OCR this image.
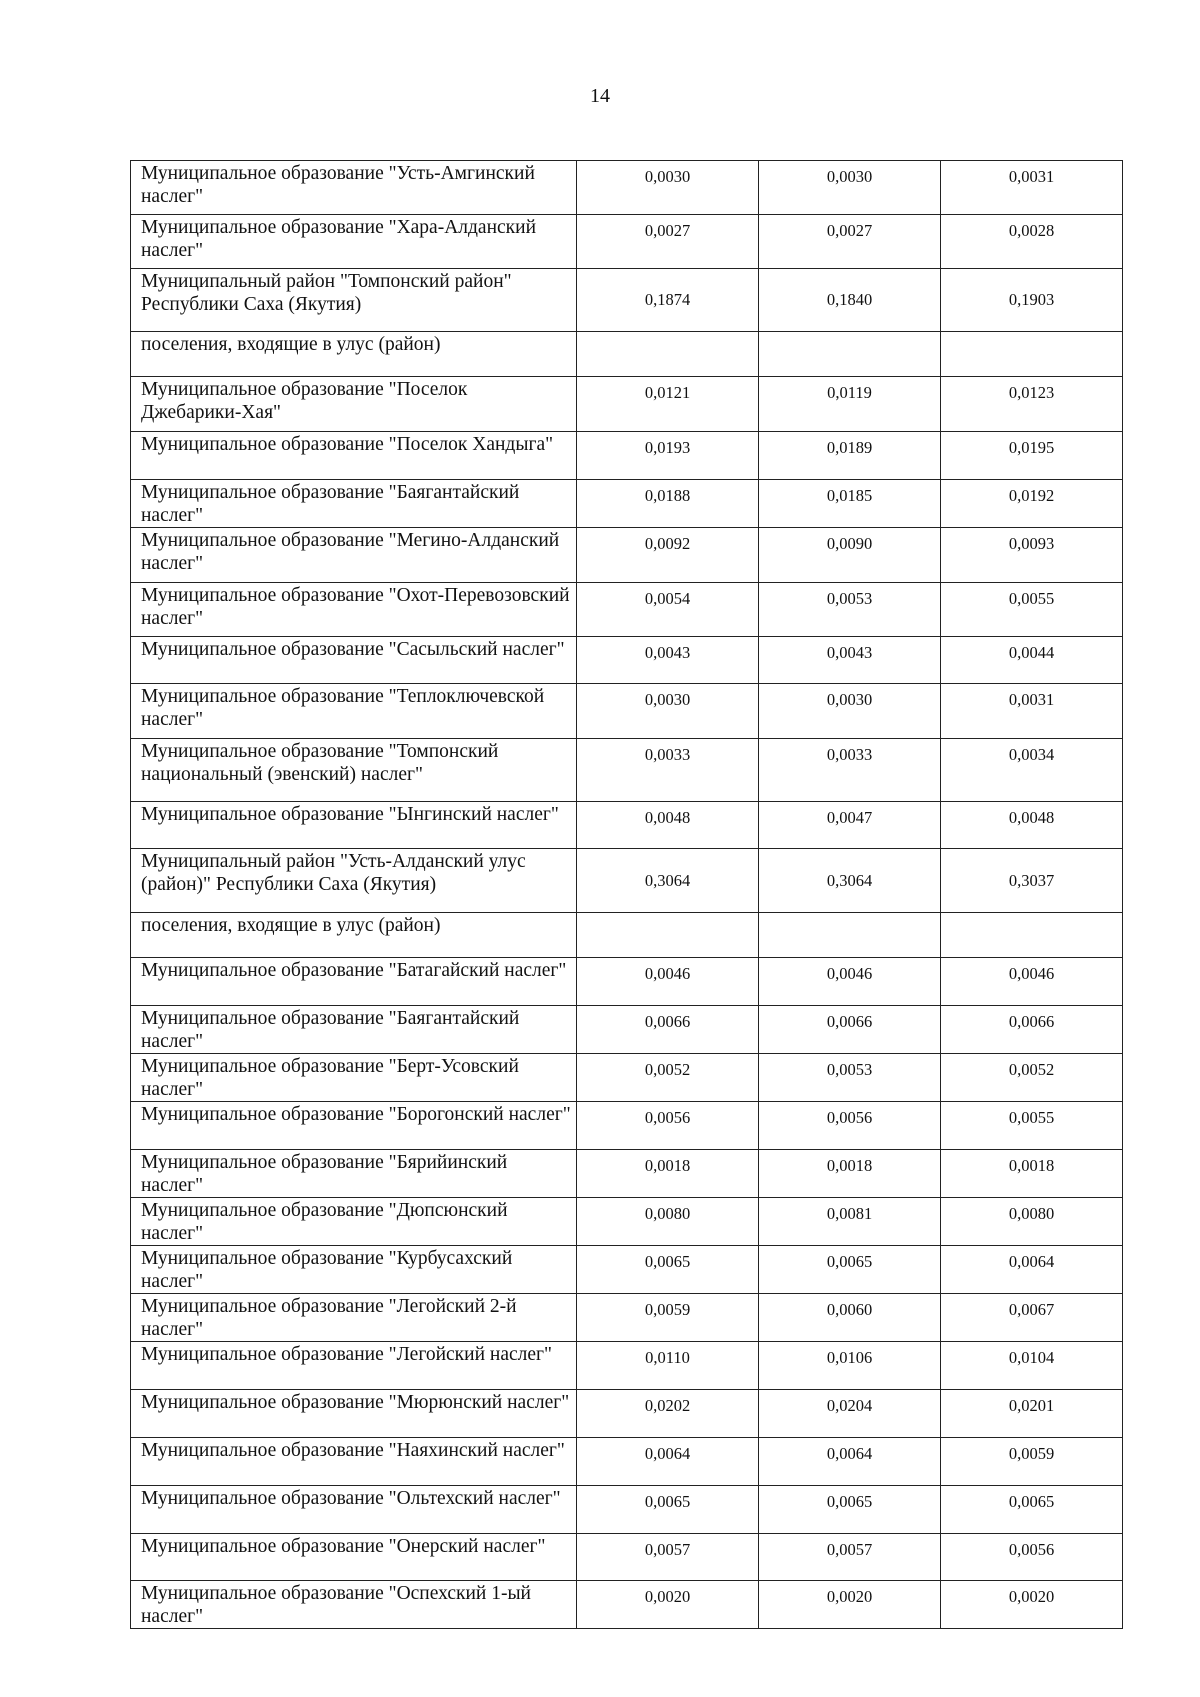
14
Муниципальное образование "Усть-Амгинский наслег"	0,0030	0,0030	0,0031
Муниципальное образование "Хара-Алданский наслег"	0,0027	0,0027	0,0028
Муниципальный район "Томпонский район" Республики Саха (Якутия)	0,1874	0,1840	0,1903
поселения, входящие в улус (район)			
Муниципальное образование "Поселок Джебарики-Хая"	0,0121	0,0119	0,0123
Муниципальное образование "Поселок Хандыга"	0,0193	0,0189	0,0195
Муниципальное образование "Баягантайский наслег"	0,0188	0,0185	0,0192
Муниципальное образование "Мегино-Алданский наслег"	0,0092	0,0090	0,0093
Муниципальное образование "Охот-Перевозовский наслег"	0,0054	0,0053	0,0055
Муниципальное образование "Сасыльский наслег"	0,0043	0,0043	0,0044
Муниципальное образование "Теплоключевской наслег"	0,0030	0,0030	0,0031
Муниципальное образование "Томпонский национальный (эвенский) наслег"	0,0033	0,0033	0,0034
Муниципальное образование "Ынгинский наслег"	0,0048	0,0047	0,0048
Муниципальный район "Усть-Алданский улус (район)" Республики Саха (Якутия)	0,3064	0,3064	0,3037
поселения, входящие в улус (район)			
Муниципальное образование "Батагайский наслег"	0,0046	0,0046	0,0046
Муниципальное образование "Баягантайский наслег"	0,0066	0,0066	0,0066
Муниципальное образование "Берт-Усовский наслег"	0,0052	0,0053	0,0052
Муниципальное образование "Борогонский наслег"	0,0056	0,0056	0,0055
Муниципальное образование "Бярийинский наслег"	0,0018	0,0018	0,0018
Муниципальное образование "Дюпсюнский наслег"	0,0080	0,0081	0,0080
Муниципальное образование "Курбусахский наслег"	0,0065	0,0065	0,0064
Муниципальное образование "Легойский 2-й наслег"	0,0059	0,0060	0,0067
Муниципальное образование "Легойский наслег"	0,0110	0,0106	0,0104
Муниципальное образование "Мюрюнский наслег"	0,0202	0,0204	0,0201
Муниципальное образование "Наяхинский наслег"	0,0064	0,0064	0,0059
Муниципальное образование "Ольтехский наслег"	0,0065	0,0065	0,0065
Муниципальное образование "Онерский наслег"	0,0057	0,0057	0,0056
Муниципальное образование "Оспехский 1-ый наслег"	0,0020	0,0020	0,0020
